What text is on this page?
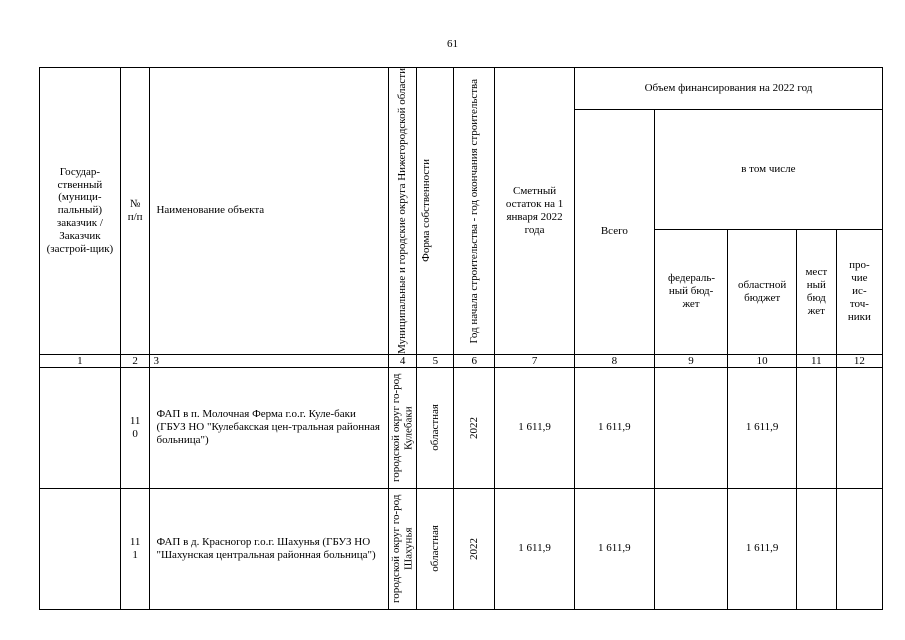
61
Государ-ственный (муници-пальный) заказчик / Заказчик (застрой-щик)	№ п/п	Наименование объекта	Муниципальные и городские округа Нижегородской области	Форма собственности	Год начала строительства - год окончания строительства	Сметный остаток на 1 января 2022 года	Объем финансирования на 2022 год				
							Всего	в том числе			
								федераль-ный бюд-жет	областной бюджет	мест ный бюд жет	про-чие ис-точ-ники
1	2	3	4	5	6	7	8	9	10	11	12
	11 0	ФАП в п. Молочная Ферма г.о.г. Куле-баки (ГБУЗ НО "Кулебакская цен-тральная районная больница")	городской округ го-род Кулебаки	областная	2022	1 611,9	1 611,9		1 611,9		
	11 1	ФАП в д. Красногор г.о.г. Шахунья (ГБУЗ НО "Шахунская центральная районная больница")	городской округ го-род Шахунья	областная	2022	1 611,9	1 611,9		1 611,9		
